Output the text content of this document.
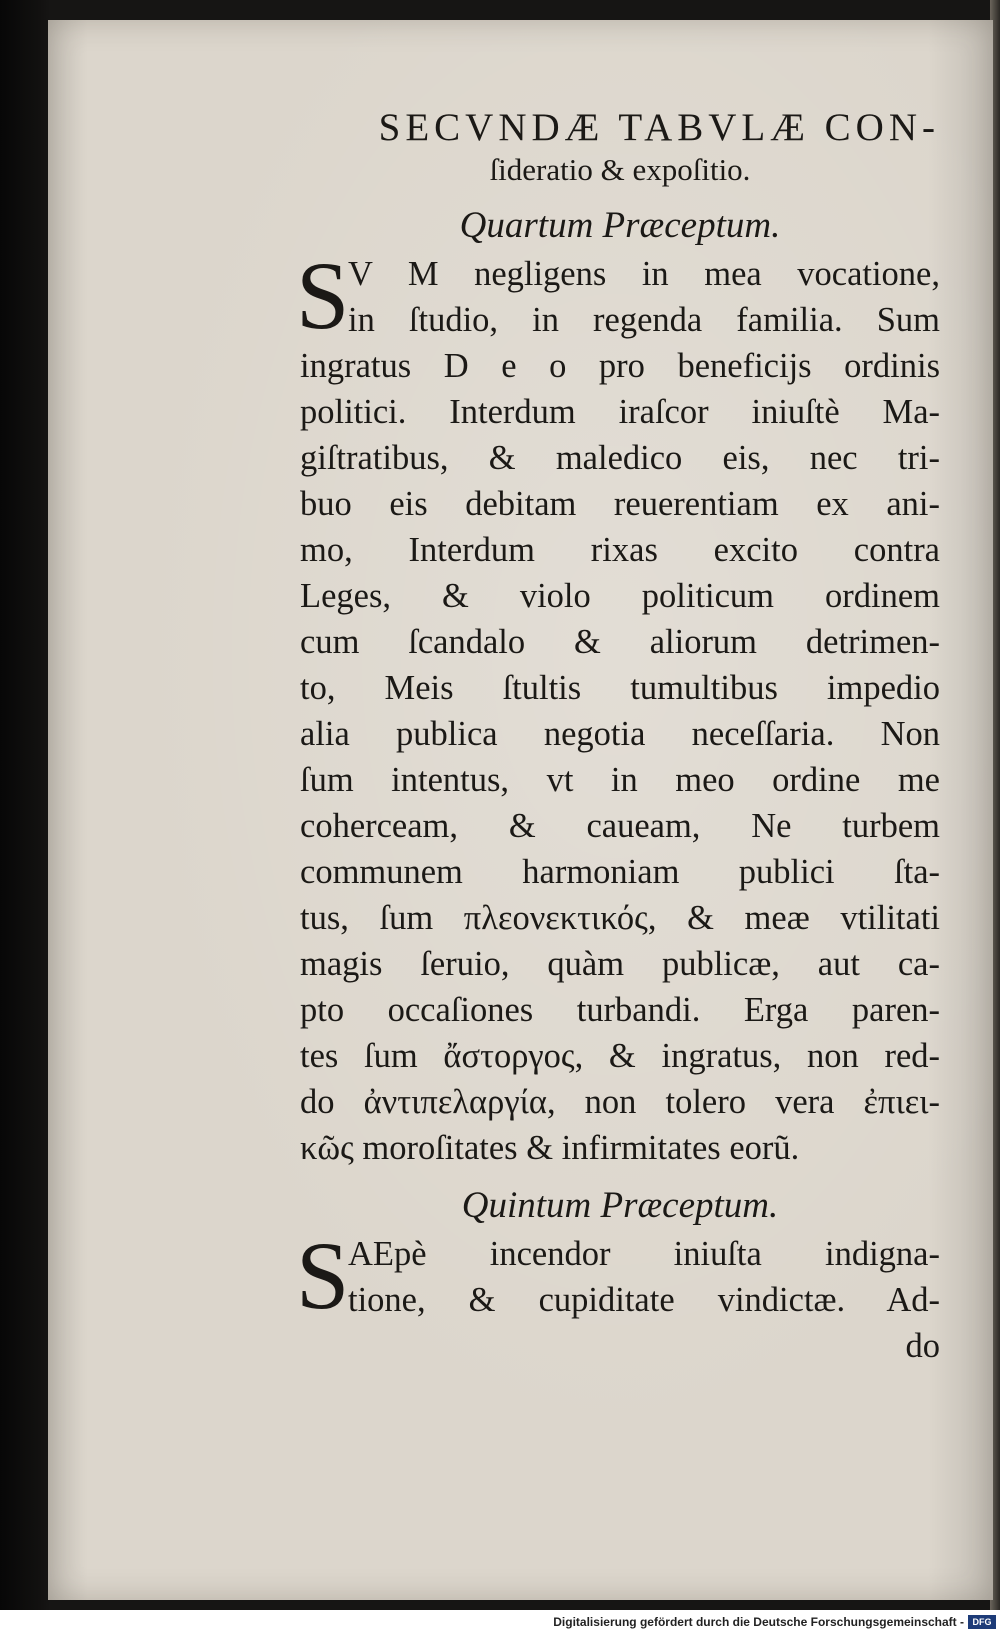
SECVNDÆ TABVLÆ CON-

ſideratio & expoſitio.

Quartum Præceptum.

S

V M negligens in mea vocatione,

in ſtudio, in regenda familia. Sum

ingratus D e o pro beneficijs ordinis

politici. Interdum iraſcor iniuſtè Ma-

giſtratibus, & maledico eis, nec tri-

buo eis debitam reuerentiam ex ani-

mo, Interdum rixas excito contra

Leges, & violo politicum ordinem

cum ſcandalo & aliorum detrimen-

to, Meis ſtultis tumultibus impedio

alia publica negotia neceſſaria. Non

ſum intentus, vt in meo ordine me

coherceam, & caueam, Ne turbem

communem harmoniam publici ſta-

tus, ſum πλεονεκτικός, & meæ vtilitati

magis ſeruio, quàm publicæ, aut ca-

pto occaſiones turbandi. Erga paren-

tes ſum ἄστοργος, & ingratus, non red-

do ἀντιπελαργία, non tolero vera ἐπιει-

κῶς moroſitates & infirmitates eorũ.

Quintum Præceptum.

S

AEpè incendor iniuſta indigna-

tione, & cupiditate vindictæ. Ad-

do

Digitalisierung gefördert durch die Deutsche Forschungsgemeinschaft - DFG
